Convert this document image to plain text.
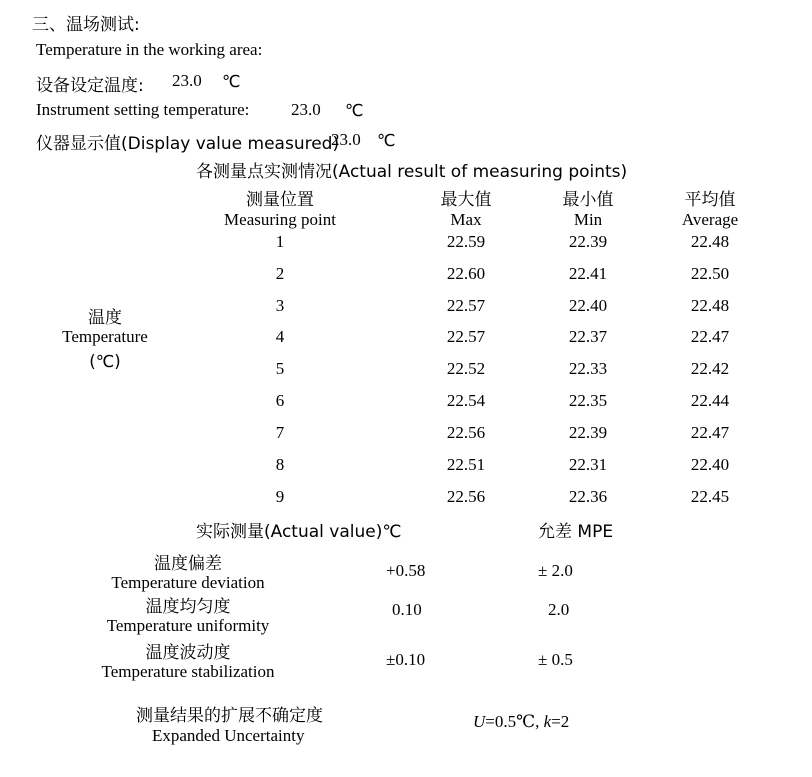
三、温场测试:
Temperature in the working area:
设备设定温度: 23.0 ℃
Instrument setting temperature: 23.0 ℃
仪器显示值(Display value measured)
23.0 ℃
各测量点实测情况(Actual result of measuring points)
测量位置	最大值	最小值	平均值
Measuring point	Max	Min	Average
温度
Temperature
(℃)
1	22.59	22.39	22.48
2	22.60	22.41	22.50
3	22.57	22.40	22.48
4	22.57	22.37	22.47
5	22.52	22.33	22.42
6	22.54	22.35	22.44
7	22.56	22.39	22.47
8	22.51	22.31	22.40
9	22.56	22.36	22.45
实际测量(Actual value)℃	允差 MPE
温度偏差
Temperature deviation
+0.58	± 2.0
温度均匀度
Temperature uniformity
0.10	2.0
温度波动度
Temperature stabilization
±0.10	± 0.5
测量结果的扩展不确定度
Expanded Uncertainty
U=0.5℃, k=2
